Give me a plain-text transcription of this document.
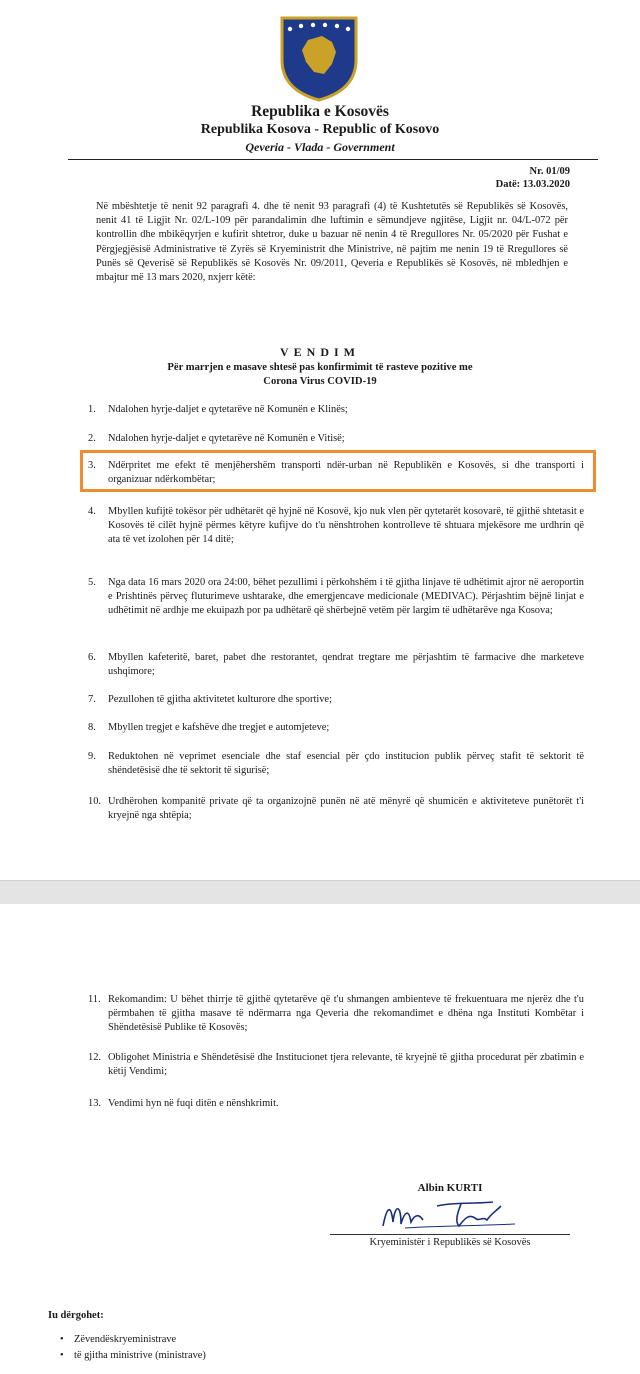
Republika e Kosovës
Republika Kosova - Republic of Kosovo
Qeveria - Vlada - Government
Nr. 01/09
Datë: 13.03.2020
Në mbështetje të nenit 92 paragrafi 4. dhe të nenit 93 paragrafi (4) të Kushtetutës së Republikës së Kosovës, nenit 41 të Ligjit Nr. 02/L-109 për parandalimin dhe luftimin e sëmundjeve ngjitëse, Ligjit nr. 04/L-072 për kontrollin dhe mbikëqyrjen e kufirit shtetror, duke u bazuar në nenin 4 të Rregullores Nr. 05/2020 për Fushat e Përgjegjësisë Administrative të Zyrës së Kryeministrit dhe Ministrive, në pajtim me nenin 19 të Rregullores së Punës së Qeverisë së Republikës së Kosovës Nr. 09/2011, Qeveria e Republikës së Kosovës, në mbledhjen e mbajtur më 13 mars 2020, nxjerr këtë:
VENDIM
Për marrjen e masave shtesë pas konfirmimit të rasteve pozitive me Corona Virus COVID-19
1.	Ndalohen hyrje-daljet e qytetarëve në Komunën e Klinës;
2.	Ndalohen hyrje-daljet e qytetarëve në Komunën e Vitisë;
3.	Ndërpritet me efekt të menjëhershëm transporti ndër-urban në Republikën e Kosovës, si dhe transporti i organizuar ndërkombëtar;
4.	Mbyllen kufijtë tokësor për udhëtarët që hyjnë në Kosovë, kjo nuk vlen për qytetarët kosovarë, të gjithë shtetasit e Kosovës të cilët hyjnë përmes këtyre kufijve do t'u nënshtrohen kontrolleve të shtuara mjekësore me urdhrin që ata të vet izolohen për 14 ditë;
5.	Nga data 16 mars 2020 ora 24:00, bëhet pezullimi i përkohshëm i të gjitha linjave të udhëtimit ajror në aeroportin e Prishtinës përveç fluturimeve ushtarake, dhe emergjencave medicionale (MEDIVAC). Përjashtim bëjnë linjat e udhëtimit në ardhje me ekuipazh por pa udhëtarë që shërbejnë vetëm për largim të udhëtarëve nga Kosova;
6.	Mbyllen kafeteritë, baret, pabet dhe restorantet, qendrat tregtare me përjashtim të farmacive dhe marketeve ushqimore;
7.	Pezullohen të gjitha aktivitetet kulturore dhe sportive;
8.	Mbyllen tregjet e kafshëve dhe tregjet e automjeteve;
9.	Reduktohen në veprimet esenciale dhe staf esencial për çdo institucion publik përveç stafit të sektorit të shëndetësisë dhe të sektorit të sigurisë;
10. Urdhërohen kompanitë private që ta organizojnë punën në atë mënyrë që shumicën e aktiviteteve punëtorët t'i kryejnë nga shtëpia;
11. Rekomandim: U bëhet thirrje të gjithë qytetarëve që t'u shmangen ambienteve të frekuentuara me njerëz dhe t'u përmbahen të gjitha masave të ndërmarra nga Qeveria dhe rekomandimet e dhëna nga Instituti Kombëtar i Shëndetësisë Publike të Kosovës;
12. Obligohet Ministria e Shëndetësisë dhe Institucionet tjera relevante, të kryejnë të gjitha procedurat për zbatimin e këtij Vendimi;
13. Vendimi hyn në fuqi ditën e nënshkrimit.
Albin KURTI
Kryeministër i Republikës së Kosovës
Iu dërgohet:
• Zëvendëskryeministrave
• të gjitha ministrive (ministrave)
